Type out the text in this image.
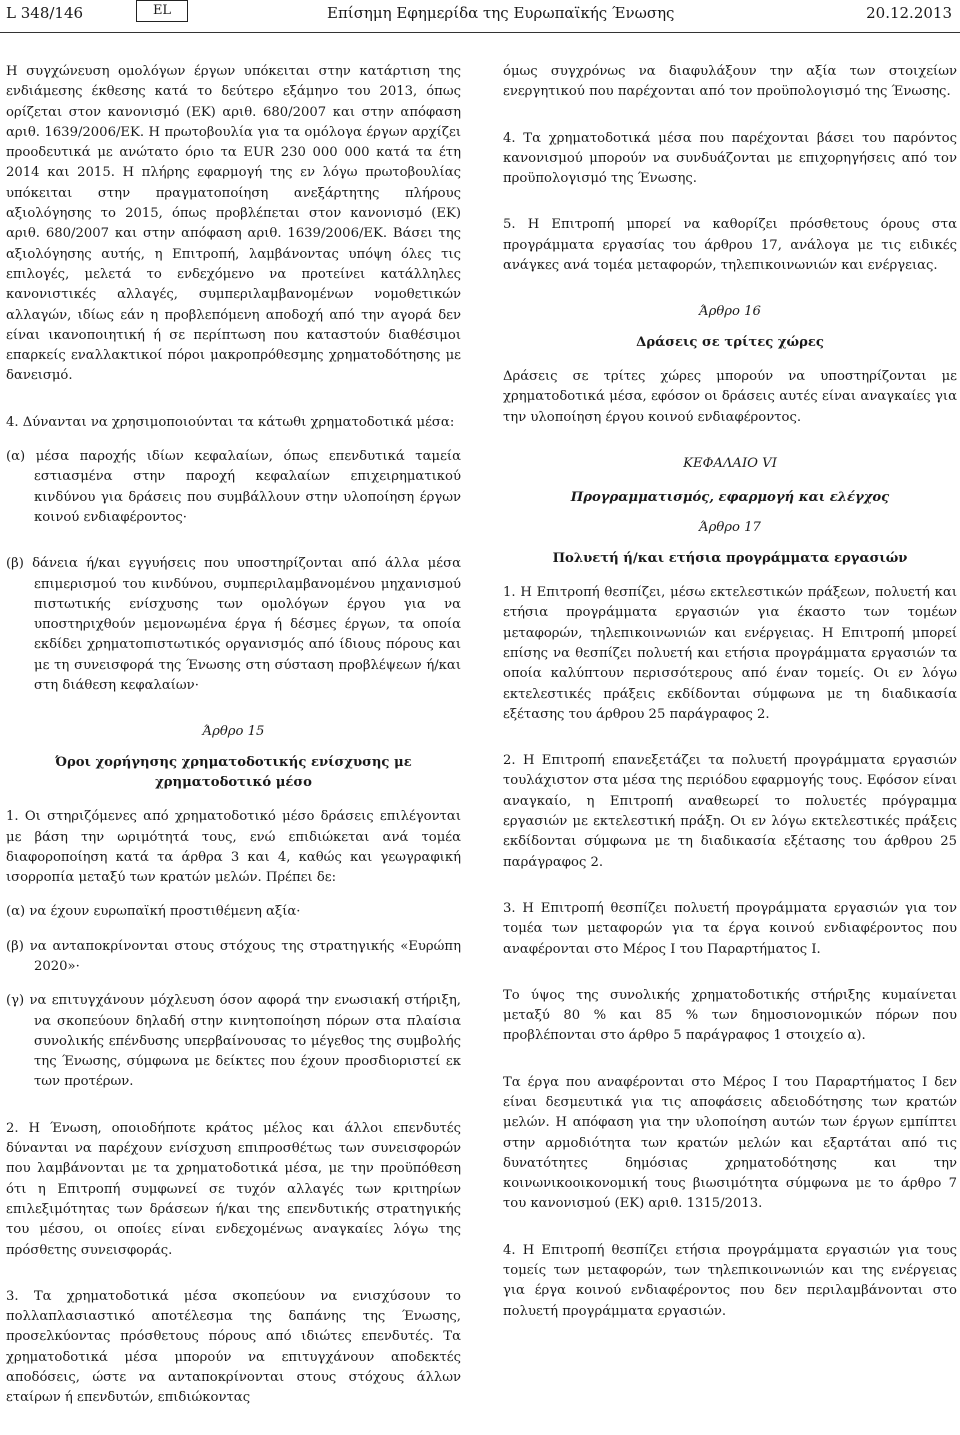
L 348/146	EL	Επίσημη Εφημερίδα της Ευρωπαϊκής Ένωσης	20.12.2013

Η συγχώνευση ομολόγων έργων υπόκειται στην κατάρτιση της ενδιάμεσης έκθεσης κατά το δεύτερο εξάμηνο του 2013, όπως ορίζεται στον κανονισμό (ΕΚ) αριθ. 680/2007 και στην απόφαση αριθ. 1639/2006/ΕΚ. Η πρωτοβουλία για τα ομόλογα έργων αρχίζει προοδευτικά με ανώτατο όριο τα EUR 230 000 000 κατά τα έτη 2014 και 2015. Η πλήρης εφαρμογή της εν λόγω πρωτοβουλίας υπόκειται στην πραγματοποίηση ανεξάρτητης πλήρους αξιολόγησης το 2015, όπως προβλέπεται στον κανονισμό (ΕΚ) αριθ. 680/2007 και στην απόφαση αριθ. 1639/2006/ΕΚ. Βάσει της αξιολόγησης αυτής, η Επιτροπή, λαμβάνοντας υπόψη όλες τις επιλογές, μελετά το ενδεχόμενο να προτείνει κατάλληλες κανονιστικές αλλαγές, συμπεριλαμβανομένων νομοθετικών αλλαγών, ιδίως εάν η προβλεπόμενη αποδοχή από την αγορά δεν είναι ικανοποιητική ή σε περίπτωση που καταστούν διαθέσιμοι επαρκείς εναλλακτικοί πόροι μακροπρόθεσμης χρηματοδότησης με δανεισμό.

4. Δύνανται να χρησιμοποιούνται τα κάτωθι χρηματοδοτικά μέσα:

(α) μέσα παροχής ιδίων κεφαλαίων, όπως επενδυτικά ταμεία εστιασμένα στην παροχή κεφαλαίων επιχειρηματικού κινδύνου για δράσεις που συμβάλλουν στην υλοποίηση έργων κοινού ενδιαφέροντος·

(β) δάνεια ή/και εγγυήσεις που υποστηρίζονται από άλλα μέσα επιμερισμού του κινδύνου, συμπεριλαμβανομένου μηχανισμού πιστωτικής ενίσχυσης των ομολόγων έργου για να υποστηριχθούν μεμονωμένα έργα ή δέσμες έργων, τα οποία εκδίδει χρηματοπιστωτικός οργανισμός από ίδιους πόρους και με τη συνεισφορά της Ένωσης στη σύσταση προβλέψεων ή/και στη διάθεση κεφαλαίων·

Άρθρο 15
Όροι χορήγησης χρηματοδοτικής ενίσχυσης με χρηματοδοτικό μέσο

1. Οι στηριζόμενες από χρηματοδοτικό μέσο δράσεις επιλέγονται με βάση την ωριμότητά τους, ενώ επιδιώκεται ανά τομέα διαφοροποίηση κατά τα άρθρα 3 και 4, καθώς και γεωγραφική ισορροπία μεταξύ των κρατών μελών. Πρέπει δε:

(α) να έχουν ευρωπαϊκή προστιθέμενη αξία·

(β) να ανταποκρίνονται στους στόχους της στρατηγικής «Ευρώπη 2020»·

(γ) να επιτυγχάνουν μόχλευση όσον αφορά την ενωσιακή στήριξη, να σκοπεύουν δηλαδή στην κινητοποίηση πόρων στα πλαίσια συνολικής επένδυσης υπερβαίνουσας το μέγεθος της συμβολής της Ένωσης, σύμφωνα με δείκτες που έχουν προσδιοριστεί εκ των προτέρων.

2. Η Ένωση, οποιοδήποτε κράτος μέλος και άλλοι επενδυτές δύνανται να παρέχουν ενίσχυση επιπροσθέτως των συνεισφορών που λαμβάνονται με τα χρηματοδοτικά μέσα, με την προϋπόθεση ότι η Επιτροπή συμφωνεί σε τυχόν αλλαγές των κριτηρίων επιλεξιμότητας των δράσεων ή/και της επενδυτικής στρατηγικής του μέσου, οι οποίες είναι ενδεχομένως αναγκαίες λόγω της πρόσθετης συνεισφοράς.

3. Τα χρηματοδοτικά μέσα σκοπεύουν να ενισχύσουν το πολλαπλασιαστικό αποτέλεσμα της δαπάνης της Ένωσης, προσελκύοντας πρόσθετους πόρους από ιδιώτες επενδυτές. Τα χρηματοδοτικά μέσα μπορούν να επιτυγχάνουν αποδεκτές αποδόσεις, ώστε να ανταποκρίνονται στους στόχους άλλων εταίρων ή επενδυτών, επιδιώκοντας

όμως συγχρόνως να διαφυλάξουν την αξία των στοιχείων ενεργητικού που παρέχονται από τον προϋπολογισμό της Ένωσης.

4. Τα χρηματοδοτικά μέσα που παρέχονται βάσει του παρόντος κανονισμού μπορούν να συνδυάζονται με επιχορηγήσεις από τον προϋπολογισμό της Ένωσης.

5. Η Επιτροπή μπορεί να καθορίζει πρόσθετους όρους στα προγράμματα εργασίας του άρθρου 17, ανάλογα με τις ειδικές ανάγκες ανά τομέα μεταφορών, τηλεπικοινωνιών και ενέργειας.

Άρθρο 16
Δράσεις σε τρίτες χώρες

Δράσεις σε τρίτες χώρες μπορούν να υποστηρίζονται με χρηματοδοτικά μέσα, εφόσον οι δράσεις αυτές είναι αναγκαίες για την υλοποίηση έργου κοινού ενδιαφέροντος.

ΚΕΦΑΛΑΙΟ VI
Προγραμματισμός, εφαρμογή και ελέγχος
Άρθρο 17
Πολυετή ή/και ετήσια προγράμματα εργασιών

1. Η Επιτροπή θεσπίζει, μέσω εκτελεστικών πράξεων, πολυετή και ετήσια προγράμματα εργασιών για έκαστο των τομέων μεταφορών, τηλεπικοινωνιών και ενέργειας. Η Επιτροπή μπορεί επίσης να θεσπίζει πολυετή και ετήσια προγράμματα εργασιών τα οποία καλύπτουν περισσότερους από έναν τομείς. Οι εν λόγω εκτελεστικές πράξεις εκδίδονται σύμφωνα με τη διαδικασία εξέτασης του άρθρου 25 παράγραφος 2.

2. Η Επιτροπή επανεξετάζει τα πολυετή προγράμματα εργασιών τουλάχιστον στα μέσα της περιόδου εφαρμογής τους. Εφόσον είναι αναγκαίο, η Επιτροπή αναθεωρεί το πολυετές πρόγραμμα εργασιών με εκτελεστική πράξη. Οι εν λόγω εκτελεστικές πράξεις εκδίδονται σύμφωνα με τη διαδικασία εξέτασης του άρθρου 25 παράγραφος 2.

3. Η Επιτροπή θεσπίζει πολυετή προγράμματα εργασιών για τον τομέα των μεταφορών για τα έργα κοινού ενδιαφέροντος που αναφέρονται στο Μέρος Ι του Παραρτήματος Ι.

Το ύψος της συνολικής χρηματοδοτικής στήριξης κυμαίνεται μεταξύ 80 % και 85 % των δημοσιονομικών πόρων που προβλέπονται στο άρθρο 5 παράγραφος 1 στοιχείο α).

Τα έργα που αναφέρονται στο Μέρος Ι του Παραρτήματος Ι δεν είναι δεσμευτικά για τις αποφάσεις αδειοδότησης των κρατών μελών. Η απόφαση για την υλοποίηση αυτών των έργων εμπίπτει στην αρμοδιότητα των κρατών μελών και εξαρτάται από τις δυνατότητες δημόσιας χρηματοδότησης και την κοινωνικοοικονομική τους βιωσιμότητα σύμφωνα με το άρθρο 7 του κανονισμού (ΕΚ) αριθ. 1315/2013.

4. Η Επιτροπή θεσπίζει ετήσια προγράμματα εργασιών για τους τομείς των μεταφορών, των τηλεπικοινωνιών και της ενέργειας για έργα κοινού ενδιαφέροντος που δεν περιλαμβάνονται στο πολυετή προγράμματα εργασιών.
